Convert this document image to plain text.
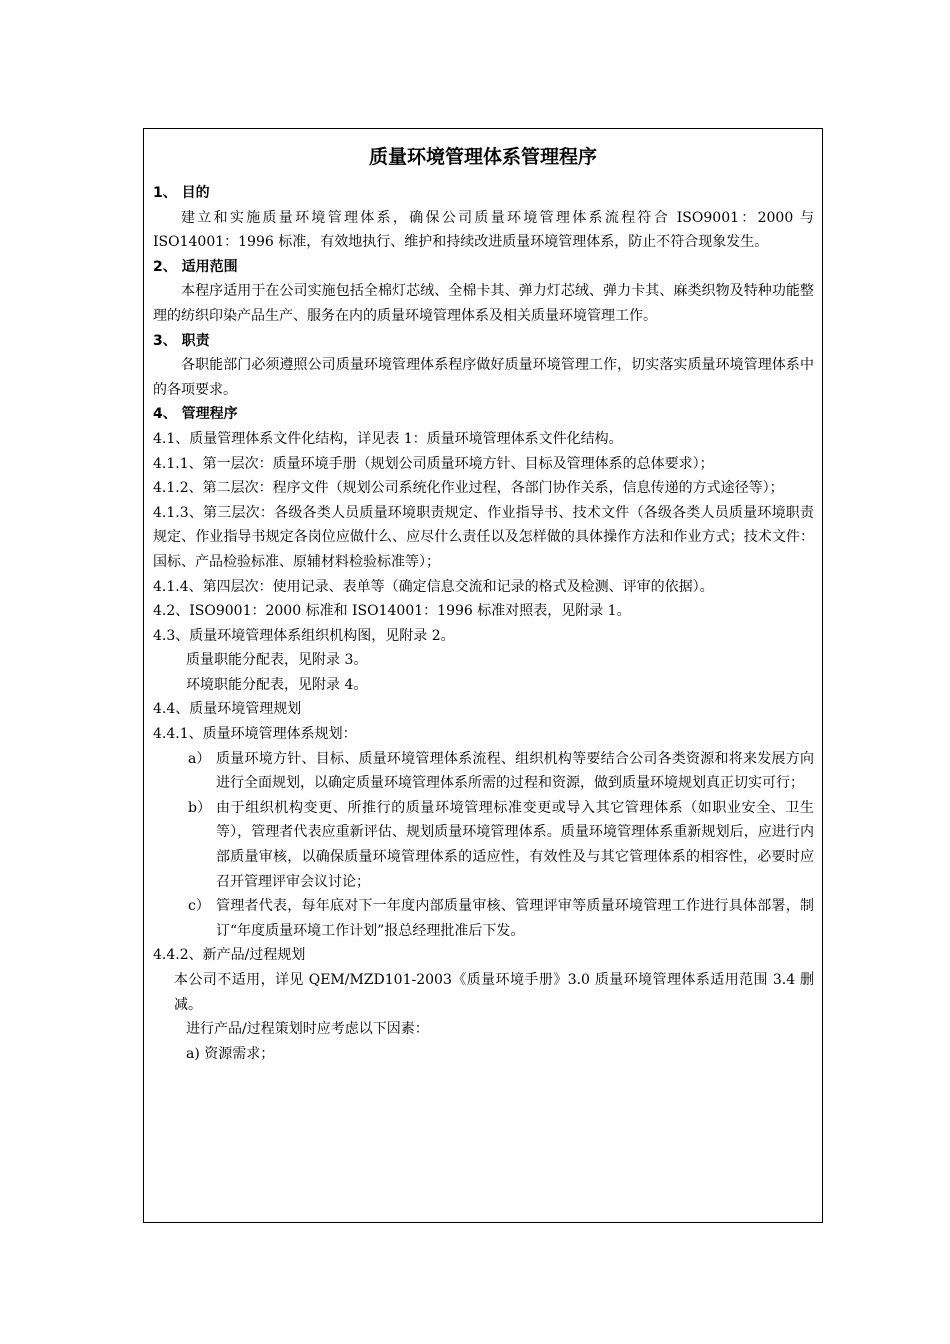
质量环境管理体系管理程序

1、 目的

建立和实施质量环境管理体系，确保公司质量环境管理体系流程符合 ISO9001：2000 与 ISO14001：1996 标准，有效地执行、维护和持续改进质量环境管理体系，防止不符合现象发生。

2、 适用范围

本程序适用于在公司实施包括全棉灯芯绒、全棉卡其、弹力灯芯绒、弹力卡其、麻类织物及特种功能整理的纺织印染产品生产、服务在内的质量环境管理体系及相关质量环境管理工作。

3、 职责

各职能部门必须遵照公司质量环境管理体系程序做好质量环境管理工作，切实落实质量环境管理体系中的各项要求。

4、 管理程序

4.1、质量管理体系文件化结构，详见表 1：质量环境管理体系文件化结构。

4.1.1、第一层次：质量环境手册（规划公司质量环境方针、目标及管理体系的总体要求）；

4.1.2、第二层次：程序文件（规划公司系统化作业过程，各部门协作关系，信息传递的方式途径等）；

4.1.3、第三层次：各级各类人员质量环境职责规定、作业指导书、技术文件（各级各类人员质量环境职责规定、作业指导书规定各岗位应做什么、应尽什么责任以及怎样做的具体操作方法和作业方式；技术文件：国标、产品检验标准、原辅材料检验标准等）；

4.1.4、第四层次：使用记录、表单等（确定信息交流和记录的格式及检测、评审的依据）。

4.2、ISO9001：2000 标准和 ISO14001：1996 标准对照表，见附录 1。

4.3、质量环境管理体系组织机构图，见附录 2。

质量职能分配表，见附录 3。

环境职能分配表，见附录 4。

4.4、质量环境管理规划

4.4.1、质量环境管理体系规划：

a） 质量环境方针、目标、质量环境管理体系流程、组织机构等要结合公司各类资源和将来发展方向进行全面规划，以确定质量环境管理体系所需的过程和资源，做到质量环境规划真正切实可行；
b） 由于组织机构变更、所推行的质量环境管理标准变更或导入其它管理体系（如职业安全、卫生等），管理者代表应重新评估、规划质量环境管理体系。质量环境管理体系重新规划后，应进行内部质量审核，以确保质量环境管理体系的适应性，有效性及与其它管理体系的相容性，必要时应召开管理评审会议讨论；
c） 管理者代表，每年底对下一年度内部质量审核、管理评审等质量环境管理工作进行具体部署，制订“年度质量环境工作计划”报总经理批准后下发。

4.4.2、新产品/过程规划

本公司不适用，详见 QEM/MZD101-2003《质量环境手册》3.0 质量环境管理体系适用范围 3.4 删减。

进行产品/过程策划时应考虑以下因素：

a) 资源需求；
